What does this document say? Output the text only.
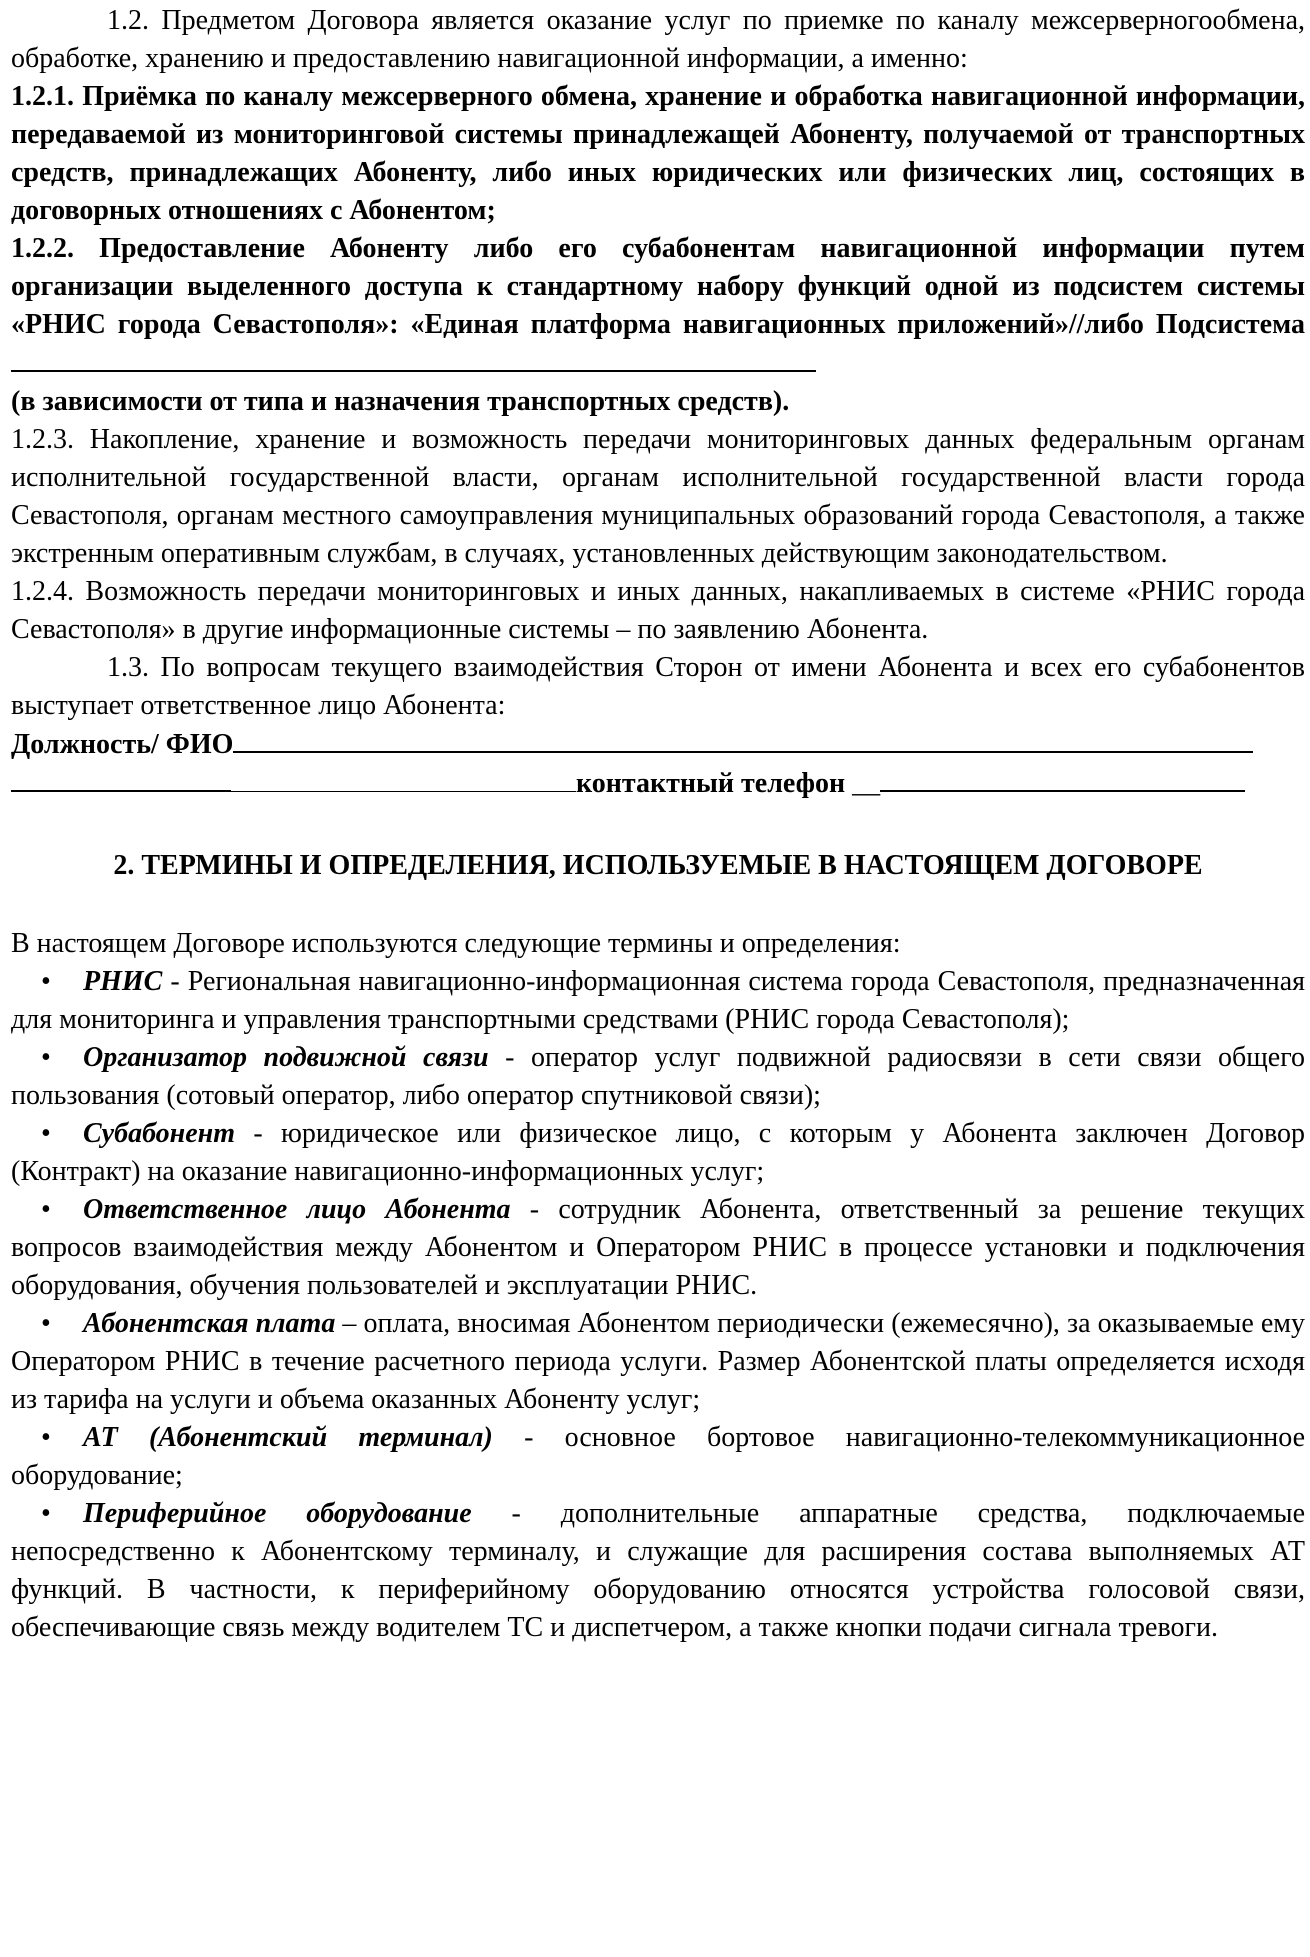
1.2. Предметом Договора является оказание услуг по приемке по каналу межсерверногообмена, обработке, хранению и предоставлению навигационной информации, а именно:

1.2.1. Приёмка по каналу межсерверного обмена, хранение и обработка навигационной информации, передаваемой из мониторинговой системы принадлежащей Абоненту, получаемой от транспортных средств, принадлежащих Абоненту, либо иных юридических или физических лиц, состоящих в договорных отношениях с Абонентом;

1.2.2. Предоставление Абоненту либо его субабонентам навигационной информации путем организации выделенного доступа к стандартному набору функций одной из подсистем системы «РНИС города Севастополя»: «Единая платформа навигационных приложений»//либо Подсистема

(в зависимости от типа и назначения транспортных средств).

1.2.3. Накопление, хранение и возможность передачи мониторинговых данных федеральным органам исполнительной государственной власти, органам исполнительной государственной власти города Севастополя, органам местного самоуправления муниципальных образований города Севастополя, а также экстренным оперативным службам, в случаях, установленных действующим законодательством.

1.2.4. Возможность передачи мониторинговых и иных данных, накапливаемых в системе «РНИС города Севастополя» в другие информационные системы – по заявлению Абонента.

1.3. По вопросам текущего взаимодействия Сторон от имени Абонента и всех его субабонентов выступает ответственное лицо Абонента:

Должность/ ФИО

контактный телефон __

2. ТЕРМИНЫ И ОПРЕДЕЛЕНИЯ, ИСПОЛЬЗУЕМЫЕ В НАСТОЯЩЕМ ДОГОВОРЕ

В настоящем Договоре используются следующие термины и определения:

• РНИС - Региональная навигационно-информационная система города Севастополя, предназначенная для мониторинга и управления транспортными средствами (РНИС города Севастополя);
• Организатор подвижной связи - оператор услуг подвижной радиосвязи в сети связи общего пользования (сотовый оператор, либо оператор спутниковой связи);
• Субабонент - юридическое или физическое лицо, с которым у Абонента заключен Договор (Контракт) на оказание навигационно-информационных услуг;
• Ответственное лицо Абонента - сотрудник Абонента, ответственный за решение текущих вопросов взаимодействия между Абонентом и Оператором РНИС в процессе установки и подключения оборудования, обучения пользователей и эксплуатации РНИС.
• Абонентская плата – оплата, вносимая Абонентом периодически (ежемесячно), за оказываемые ему Оператором РНИС в течение расчетного периода услуги. Размер Абонентской платы определяется исходя из тарифа на услуги и объема оказанных Абоненту услуг;
• АТ (Абонентский терминал) - основное бортовое навигационно-телекоммуникационное оборудование;
• Периферийное оборудование - дополнительные аппаратные средства, подключаемые непосредственно к Абонентскому терминалу, и служащие для расширения состава выполняемых АТ функций. В частности, к периферийному оборудованию относятся устройства голосовой связи, обеспечивающие связь между водителем ТС и диспетчером, а также кнопки подачи сигнала тревоги.
